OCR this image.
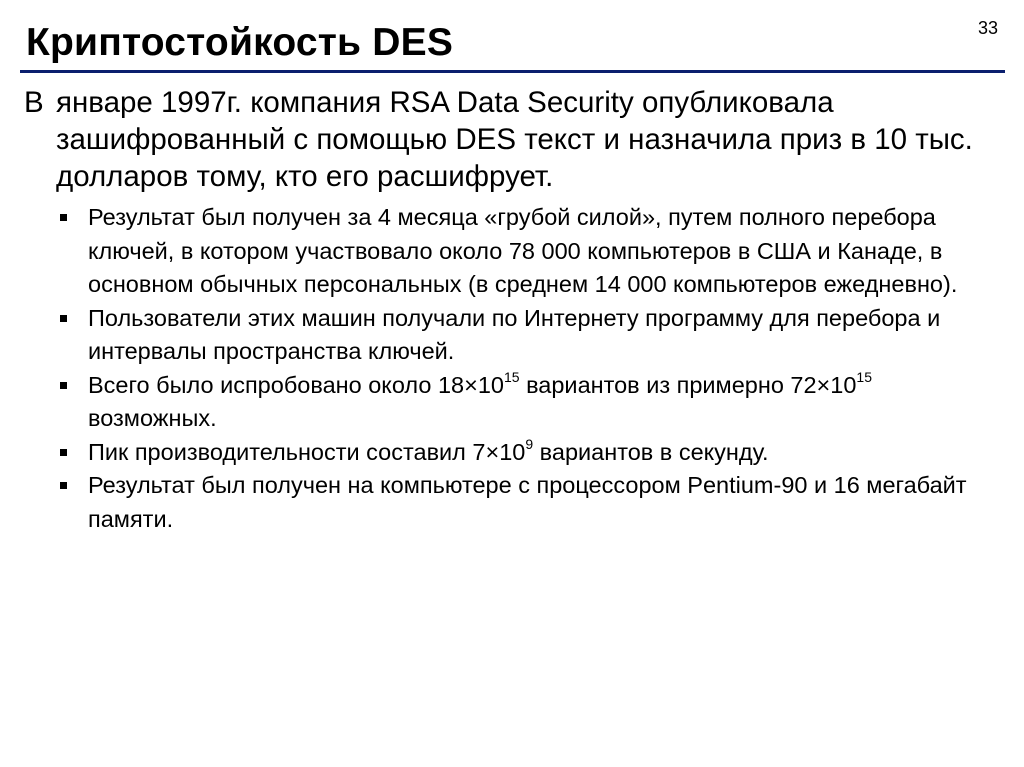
Криптостойкость DES	33

В январе 1997г. компания RSA Data Security опубликовала зашифрованный с помощью DES текст и назначила приз в 10 тыс. долларов тому, кто его расшифрует.

Результат был получен за 4 месяца «грубой силой», путем полного перебора ключей, в котором участвовало около 78 000 компьютеров в США и Канаде, в основном обычных персональных (в среднем 14 000 компьютеров ежедневно).
Пользователи этих машин получали по Интернету программу для перебора и интервалы пространства ключей.
Всего было испробовано около $18\times 10^{15}$ вариантов из примерно $72\times 10^{15}$ возможных.
Пик производительности составил $7\times 10^9$ вариантов в секунду.
Результат был получен на компьютере с процессором Pentium-90 и 16 мегабайт памяти.
